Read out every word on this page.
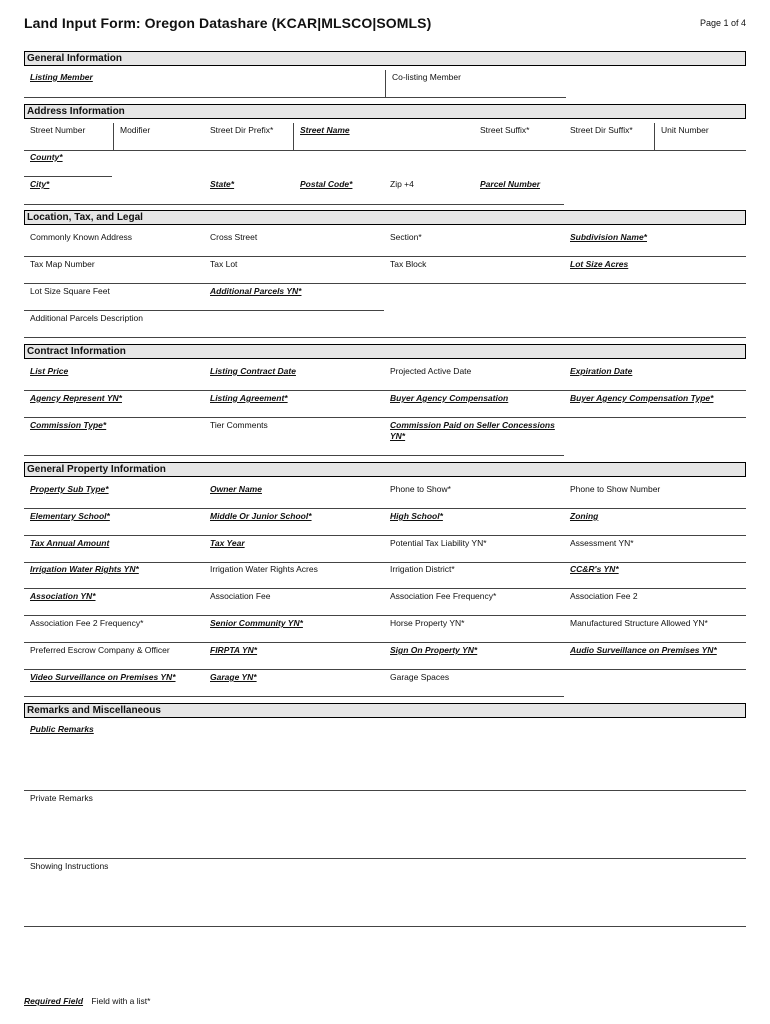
Land Input Form: Oregon Datashare (KCAR|MLSCO|SOMLS)	Page 1 of 4
General Information
Listing Member	Co-listing Member
Address Information
Street Number	Modifier	Street Dir Prefix*	Street Name	Street Suffix*	Street Dir Suffix*	Unit Number
County*
City*	State*	Postal Code*	Zip +4	Parcel Number
Location, Tax, and Legal
Commonly Known Address	Cross Street	Section*	Subdivision Name*
Tax Map Number	Tax Lot	Tax Block	Lot Size Acres
Lot Size Square Feet	Additional Parcels YN*
Additional Parcels Description
Contract Information
List Price	Listing Contract Date	Projected Active Date	Expiration Date
Agency Represent YN*	Listing Agreement*	Buyer Agency Compensation	Buyer Agency Compensation Type*
Commission Type*	Tier Comments	Commission Paid on Seller Concessions YN*
General Property Information
Property Sub Type*	Owner Name	Phone to Show*	Phone to Show Number
Elementary School*	Middle Or Junior School*	High School*	Zoning
Tax Annual Amount	Tax Year	Potential Tax Liability YN*	Assessment YN*
Irrigation Water Rights YN*	Irrigation Water Rights Acres	Irrigation District*	CC&R's YN*
Association YN*	Association Fee	Association Fee Frequency*	Association Fee 2
Association Fee 2 Frequency*	Senior Community YN*	Horse Property YN*	Manufactured Structure Allowed YN*
Preferred Escrow Company & Officer	FIRPTA YN*	Sign On Property YN*	Audio Surveillance on Premises YN*
Video Surveillance on Premises YN*	Garage YN*	Garage Spaces
Remarks and Miscellaneous
Public Remarks
Private Remarks
Showing Instructions
Required Field Field with a list*
